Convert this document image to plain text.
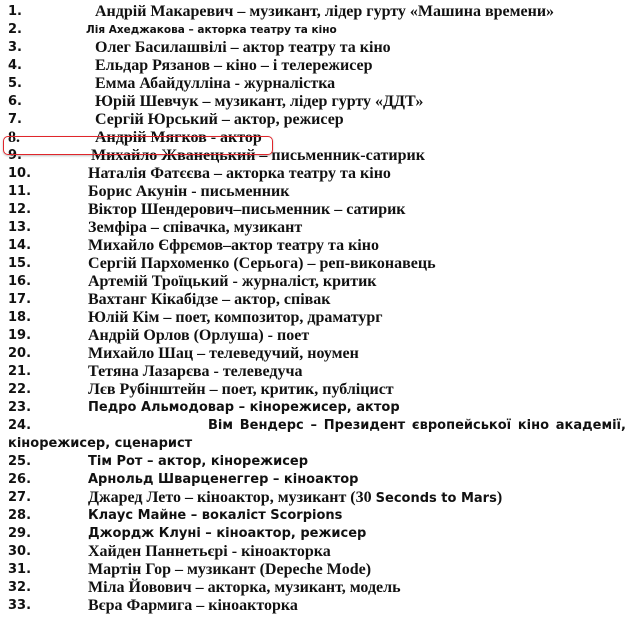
1.	Андрій Макаревич – музикант, лідер гурту «Машина времени»
2.	Лія Ахеджакова – акторка театру та кіно
3.	Олег Басилашвілі – актор театру та кіно
4.	Ельдар Рязанов – кіно – і телережисер
5.	Емма Абайдулліна - журналістка
6.	Юрій Шевчук – музикант, лідер гурту «ДДТ»
7.	Сергій Юрський – актор, режисер
8.	Андрій Мягков - актор
9.	Михайло Жванецький – письменник-сатирик
10.	Наталія Фатєєва – акторка театру та кіно
11.	Борис Акунін - письменник
12.	Віктор Шендерович–письменник – сатирик
13.	Земфіра – співачка, музикант
14.	Михайло Єфрємов–актор театру та кіно
15.	Сергій Пархоменко (Серьога) – реп-виконавець
16.	Артемій Троїцький - журналіст, критик
17.	Вахтанг Кікабідзе – актор, співак
18.	Юлій Кім – поет, композитор, драматург
19.	Андрій Орлов (Орлуша) - поет
20.	Михайло Шац – телеведучий, ноумен
21.	Тетяна Лазарєва - телеведуча
22.	Лєв Рубінштейн – поет, критик, публіцист
23.	Педро Альмодовар – кінорежисер, актор
24.	Вім Вендерс – Президент європейської кіно академії,
кінорежисер, сценарист
25.	Тім Рот – актор, кінорежисер
26.	Арнольд Шварценеггер – кіноактор
27.	Джаред Лето – кіноактор, музикант (30 Seconds to Mars)
28.	Клаус Майне – вокаліст Scorpions
29.	Джордж Клуні – кіноактор, режисер
30.	Хайден Паннетьєрі - кіноакторка
31.	Мартін Гор – музикант (Depeche Mode)
32.	Міла Йовович – акторка, музикант, модель
33.	Вєра Фармига – кіноакторка
